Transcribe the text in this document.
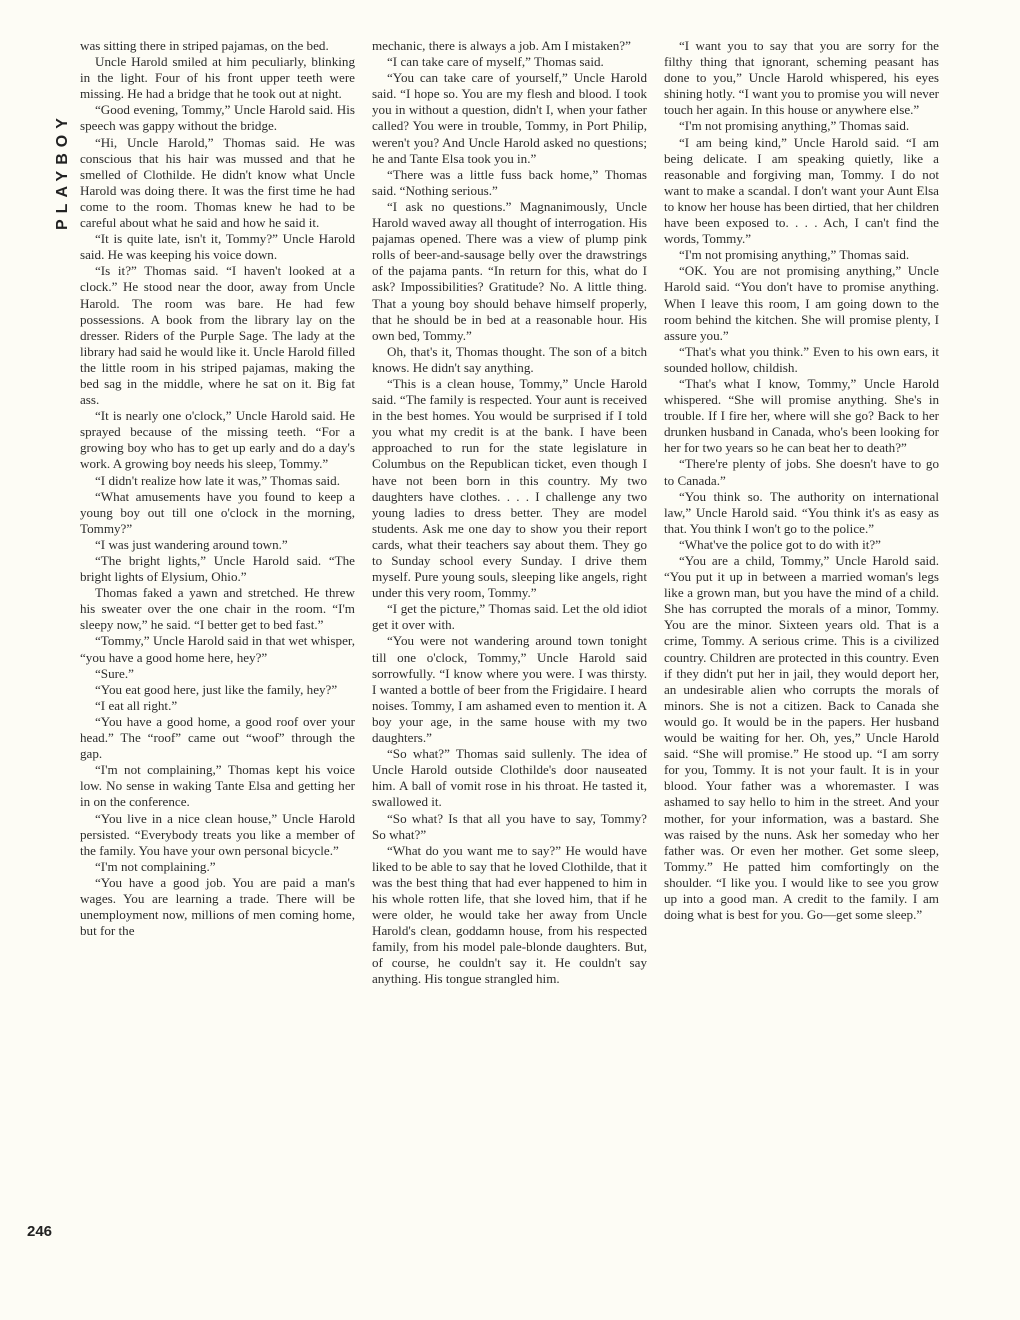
PLAYBOY
246

was sitting there in striped pajamas, on the bed.

Uncle Harold smiled at him peculiarly, blinking in the light. Four of his front upper teeth were missing. He had a bridge that he took out at night.

“Good evening, Tommy,” Uncle Harold said. His speech was gappy without the bridge.

“Hi, Uncle Harold,” Thomas said. He was conscious that his hair was mussed and that he smelled of Clothilde. He didn't know what Uncle Harold was doing there. It was the first time he had come to the room. Thomas knew he had to be careful about what he said and how he said it.

“It is quite late, isn't it, Tommy?” Uncle Harold said. He was keeping his voice down.

“Is it?” Thomas said. “I haven't looked at a clock.” He stood near the door, away from Uncle Harold. The room was bare. He had few possessions. A book from the library lay on the dresser. Riders of the Purple Sage. The lady at the library had said he would like it. Uncle Harold filled the little room in his striped pajamas, making the bed sag in the middle, where he sat on it. Big fat ass.

“It is nearly one o'clock,” Uncle Harold said. He sprayed because of the missing teeth. “For a growing boy who has to get up early and do a day's work. A growing boy needs his sleep, Tommy.”

“I didn't realize how late it was,” Thomas said.

“What amusements have you found to keep a young boy out till one o'clock in the morning, Tommy?”

“I was just wandering around town.”

“The bright lights,” Uncle Harold said. “The bright lights of Elysium, Ohio.”

Thomas faked a yawn and stretched. He threw his sweater over the one chair in the room. “I'm sleepy now,” he said. “I better get to bed fast.”

“Tommy,” Uncle Harold said in that wet whisper, “you have a good home here, hey?”

“Sure.”

“You eat good here, just like the family, hey?”

“I eat all right.”

“You have a good home, a good roof over your head.” The “roof” came out “woof” through the gap.

“I'm not complaining,” Thomas kept his voice low. No sense in waking Tante Elsa and getting her in on the conference.

“You live in a nice clean house,” Uncle Harold persisted. “Everybody treats you like a member of the family. You have your own personal bicycle.”

“I'm not complaining.”

“You have a good job. You are paid a man's wages. You are learning a trade. There will be unemployment now, millions of men coming home, but for the

mechanic, there is always a job. Am I mistaken?”

“I can take care of myself,” Thomas said.

“You can take care of yourself,” Uncle Harold said. “I hope so. You are my flesh and blood. I took you in without a question, didn't I, when your father called? You were in trouble, Tommy, in Port Philip, weren't you? And Uncle Harold asked no questions; he and Tante Elsa took you in.”

“There was a little fuss back home,” Thomas said. “Nothing serious.”

“I ask no questions.” Magnanimously, Uncle Harold waved away all thought of interrogation. His pajamas opened. There was a view of plump pink rolls of beer-and-sausage belly over the drawstrings of the pajama pants. “In return for this, what do I ask? Impossibilities? Gratitude? No. A little thing. That a young boy should behave himself properly, that he should be in bed at a reasonable hour. His own bed, Tommy.”

Oh, that's it, Thomas thought. The son of a bitch knows. He didn't say anything.

“This is a clean house, Tommy,” Uncle Harold said. “The family is respected. Your aunt is received in the best homes. You would be surprised if I told you what my credit is at the bank. I have been approached to run for the state legislature in Columbus on the Republican ticket, even though I have not been born in this country. My two daughters have clothes. . . . I challenge any two young ladies to dress better. They are model students. Ask me one day to show you their report cards, what their teachers say about them. They go to Sunday school every Sunday. I drive them myself. Pure young souls, sleeping like angels, right under this very room, Tommy.”

“I get the picture,” Thomas said. Let the old idiot get it over with.

“You were not wandering around town tonight till one o'clock, Tommy,” Uncle Harold said sorrowfully. “I know where you were. I was thirsty. I wanted a bottle of beer from the Frigidaire. I heard noises. Tommy, I am ashamed even to mention it. A boy your age, in the same house with my two daughters.”

“So what?” Thomas said sullenly. The idea of Uncle Harold outside Clothilde's door nauseated him. A ball of vomit rose in his throat. He tasted it, swallowed it.

“So what? Is that all you have to say, Tommy? So what?”

“What do you want me to say?” He would have liked to be able to say that he loved Clothilde, that it was the best thing that had ever happened to him in his whole rotten life, that she loved him, that if he were older, he would take her away from Uncle Harold's clean, goddamn house, from his respected family, from his model pale-blonde daughters. But, of course, he couldn't say it. He couldn't say anything. His tongue strangled him.

“I want you to say that you are sorry for the filthy thing that ignorant, scheming peasant has done to you,” Uncle Harold whispered, his eyes shining hotly. “I want you to promise you will never touch her again. In this house or anywhere else.”

“I'm not promising anything,” Thomas said.

“I am being kind,” Uncle Harold said. “I am being delicate. I am speaking quietly, like a reasonable and forgiving man, Tommy. I do not want to make a scandal. I don't want your Aunt Elsa to know her house has been dirtied, that her children have been exposed to. . . . Ach, I can't find the words, Tommy.”

“I'm not promising anything,” Thomas said.

“OK. You are not promising anything,” Uncle Harold said. “You don't have to promise anything. When I leave this room, I am going down to the room behind the kitchen. She will promise plenty, I assure you.”

“That's what you think.” Even to his own ears, it sounded hollow, childish.

“That's what I know, Tommy,” Uncle Harold whispered. “She will promise anything. She's in trouble. If I fire her, where will she go? Back to her drunken husband in Canada, who's been looking for her for two years so he can beat her to death?”

“There're plenty of jobs. She doesn't have to go to Canada.”

“You think so. The authority on international law,” Uncle Harold said. “You think it's as easy as that. You think I won't go to the police.”

“What've the police got to do with it?”

“You are a child, Tommy,” Uncle Harold said. “You put it up in between a married woman's legs like a grown man, but you have the mind of a child. She has corrupted the morals of a minor, Tommy. You are the minor. Sixteen years old. That is a crime, Tommy. A serious crime. This is a civilized country. Children are protected in this country. Even if they didn't put her in jail, they would deport her, an undesirable alien who corrupts the morals of minors. She is not a citizen. Back to Canada she would go. It would be in the papers. Her husband would be waiting for her. Oh, yes,” Uncle Harold said. “She will promise.” He stood up. “I am sorry for you, Tommy. It is not your fault. It is in your blood. Your father was a whoremaster. I was ashamed to say hello to him in the street. And your mother, for your information, was a bastard. She was raised by the nuns. Ask her someday who her father was. Or even her mother. Get some sleep, Tommy.” He patted him comfortingly on the shoulder. “I like you. I would like to see you grow up into a good man. A credit to the family. I am doing what is best for you. Go—get some sleep.”
